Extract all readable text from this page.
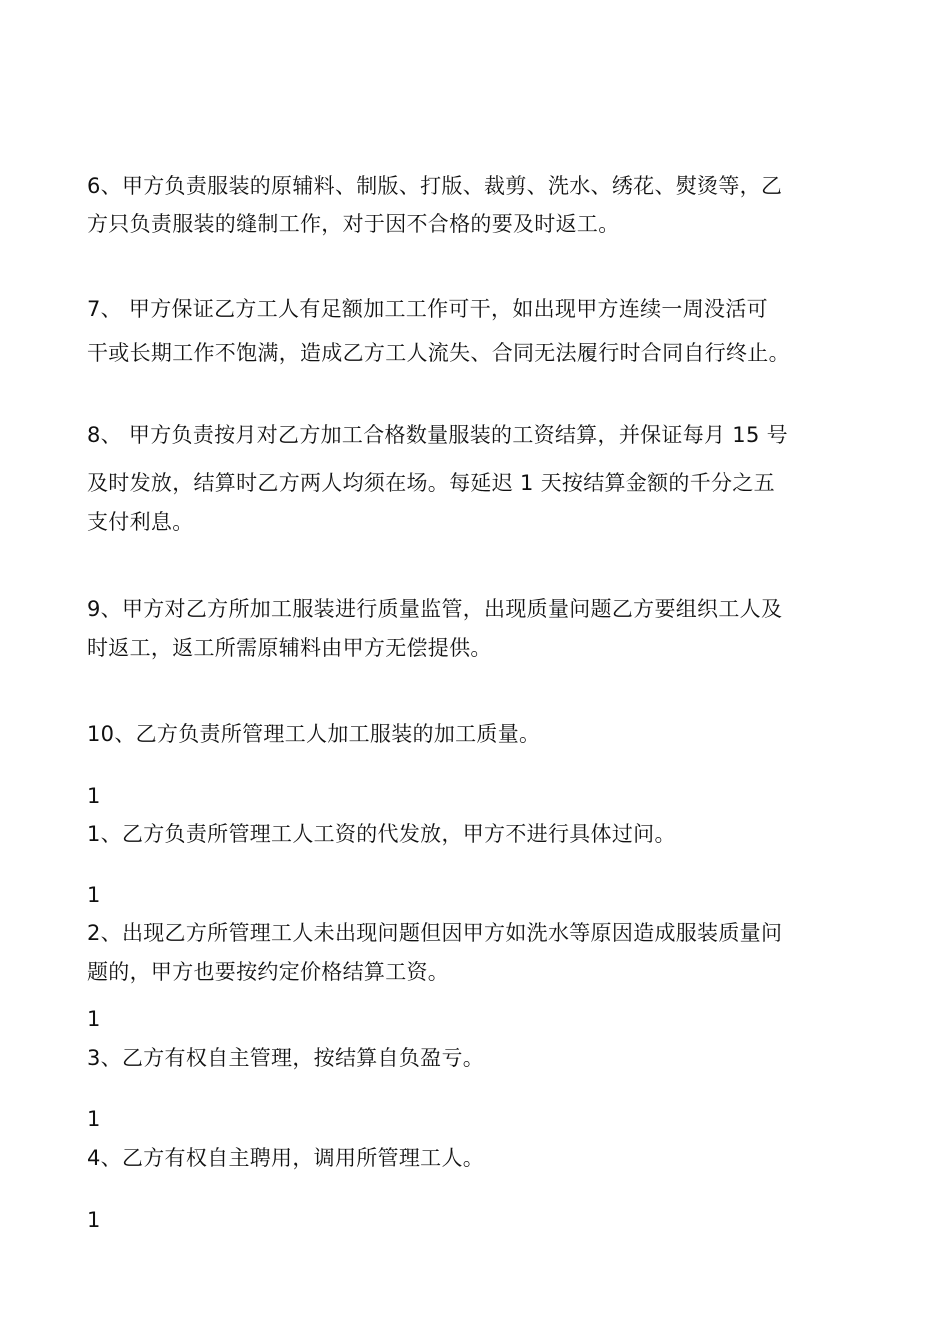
6、甲方负责服装的原辅料、制版、打版、裁剪、洗水、绣花、熨烫等，乙
方只负责服装的缝制工作，对于因不合格的要及时返工。
7、 甲方保证乙方工人有足额加工工作可干，如出现甲方连续一周没活可
干或长期工作不饱满，造成乙方工人流失、合同无法履行时合同自行终止。
8、 甲方负责按月对乙方加工合格数量服装的工资结算，并保证每月 15 号
及时发放，结算时乙方两人均须在场。每延迟 1 天按结算金额的千分之五
支付利息。
9、甲方对乙方所加工服装进行质量监管，出现质量问题乙方要组织工人及
时返工，返工所需原辅料由甲方无偿提供。
10、乙方负责所管理工人加工服装的加工质量。
1
1、乙方负责所管理工人工资的代发放，甲方不进行具体过问。
1
2、出现乙方所管理工人未出现问题但因甲方如洗水等原因造成服装质量问
题的，甲方也要按约定价格结算工资。
1
3、乙方有权自主管理，按结算自负盈亏。
1
4、乙方有权自主聘用，调用所管理工人。
1
